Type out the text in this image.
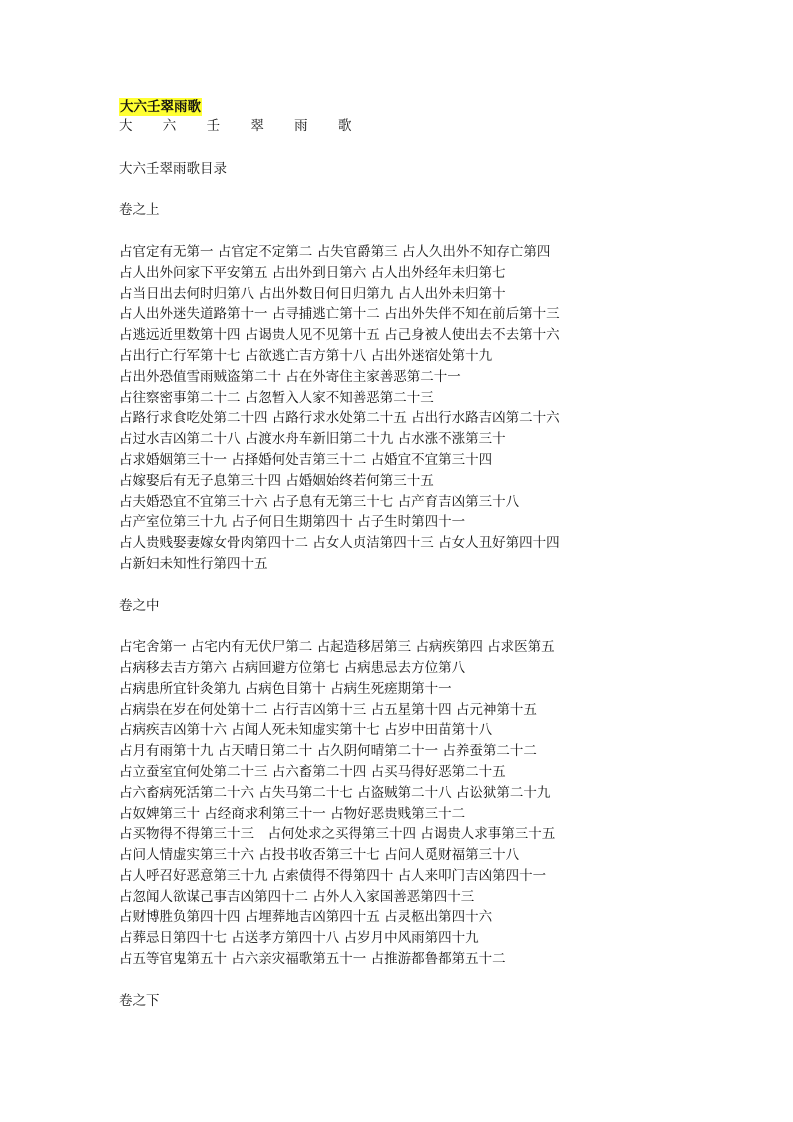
大六壬翠雨歌
大 六 壬 翠 雨 歌
大六壬翠雨歌目录
卷之上
占官定有无第一 占官定不定第二 占失官爵第三 占人久出外不知存亡第四
占人出外问家下平安第五 占出外到日第六 占人出外经年未归第七
占当日出去何时归第八 占出外数日何日归第九 占人出外未归第十
占人出外迷失道路第十一 占寻捕逃亡第十二 占出外失伴不知在前后第十三
占逃远近里数第十四 占谒贵人见不见第十五 占己身被人使出去不去第十六
占出行亡行军第十七 占欲逃亡吉方第十八 占出外迷宿处第十九
占出外恐值雪雨贼盗第二十 占在外寄住主家善恶第二十一
占往察密事第二十二 占忽暂入人家不知善恶第二十三
占路行求食吃处第二十四 占路行求水处第二十五 占出行水路吉凶第二十六
占过水吉凶第二十八 占渡水舟车新旧第二十九 占水涨不涨第三十
占求婚姻第三十一 占择婚何处吉第三十二 占婚宜不宜第三十四
占嫁娶后有无子息第三十四 占婚姻始终若何第三十五
占夫婚恐宜不宜第三十六 占子息有无第三十七 占产育吉凶第三十八
占产室位第三十九 占子何日生期第四十 占子生时第四十一
占人贵贱娶妻嫁女骨肉第四十二 占女人贞洁第四十三 占女人丑好第四十四
占新妇未知性行第四十五
卷之中
占宅舍第一 占宅内有无伏尸第二 占起造移居第三 占病疾第四 占求医第五
占病移去吉方第六 占病回避方位第七 占病患忌去方位第八
占病患所宜针灸第九 占病色目第十 占病生死瘥期第十一
占病祟在岁在何处第十二 占行吉凶第十三 占五星第十四 占元神第十五
占病疾吉凶第十六 占闻人死未知虚实第十七 占岁中田苗第十八
占月有雨第十九 占天晴日第二十 占久阴何晴第二十一 占养蚕第二十二
占立蚕室宜何处第二十三 占六畜第二十四 占买马得好恶第二十五
占六畜病死活第二十六 占失马第二十七 占盗贼第二十八 占讼狱第二十九
占奴婢第三十 占经商求利第三十一 占物好恶贵贱第三十二
占买物得不得第三十三　占何处求之买得第三十四 占谒贵人求事第三十五
占问人情虚实第三十六 占投书收否第三十七 占问人觅财福第三十八
占人呼召好恶意第三十九 占索债得不得第四十 占人来叩门吉凶第四十一
占忽闻人欲谋己事吉凶第四十二 占外人入家国善恶第四十三
占财博胜负第四十四 占埋葬地吉凶第四十五 占灵柩出第四十六
占葬忌日第四十七 占送孝方第四十八 占岁月中风雨第四十九
占五等官鬼第五十 占六亲灾福歌第五十一 占推游都鲁都第五十二
卷之下
